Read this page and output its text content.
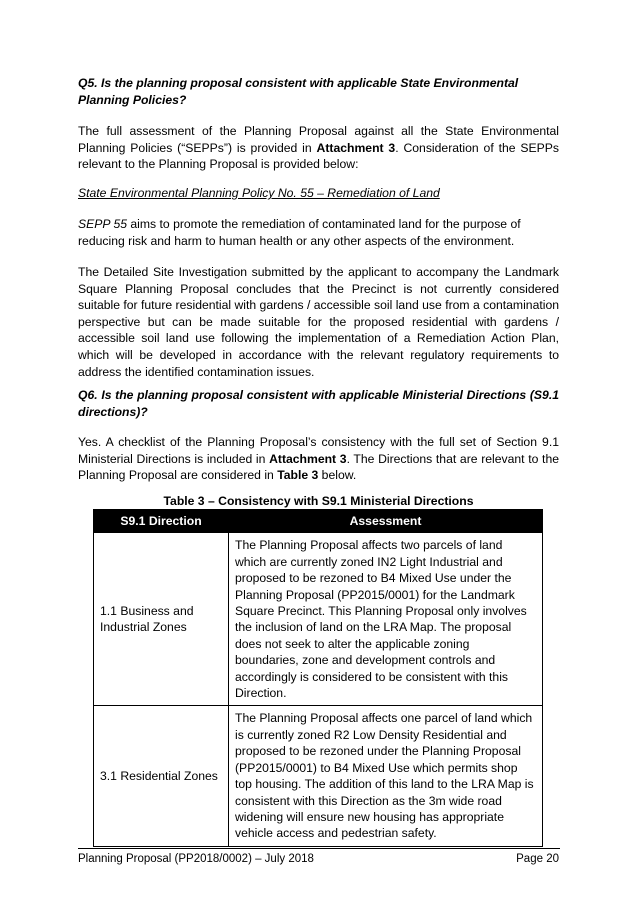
Q5. Is the planning proposal consistent with applicable State Environmental Planning Policies?

The full assessment of the Planning Proposal against all the State Environmental Planning Policies (“SEPPs”) is provided in Attachment 3. Consideration of the SEPPs relevant to the Planning Proposal is provided below:

State Environmental Planning Policy No. 55 – Remediation of Land

SEPP 55 aims to promote the remediation of contaminated land for the purpose of reducing risk and harm to human health or any other aspects of the environment.

The Detailed Site Investigation submitted by the applicant to accompany the Landmark Square Planning Proposal concludes that the Precinct is not currently considered suitable for future residential with gardens / accessible soil land use from a contamination perspective but can be made suitable for the proposed residential with gardens / accessible soil land use following the implementation of a Remediation Action Plan, which will be developed in accordance with the relevant regulatory requirements to address the identified contamination issues.

Q6. Is the planning proposal consistent with applicable Ministerial Directions (S9.1 directions)?

Yes. A checklist of the Planning Proposal’s consistency with the full set of Section 9.1 Ministerial Directions is included in Attachment 3. The Directions that are relevant to the Planning Proposal are considered in Table 3 below.

Table 3 – Consistency with S9.1 Ministerial Directions
S9.1 Direction	Assessment
1.1 Business and Industrial Zones	The Planning Proposal affects two parcels of land which are currently zoned IN2 Light Industrial and proposed to be rezoned to B4 Mixed Use under the Planning Proposal (PP2015/0001) for the Landmark Square Precinct. This Planning Proposal only involves the inclusion of land on the LRA Map. The proposal does not seek to alter the applicable zoning boundaries, zone and development controls and accordingly is considered to be consistent with this Direction.
3.1 Residential Zones	The Planning Proposal affects one parcel of land which is currently zoned R2 Low Density Residential and proposed to be rezoned under the Planning Proposal (PP2015/0001) to B4 Mixed Use which permits shop top housing. The addition of this land to the LRA Map is consistent with this Direction as the 3m wide road widening will ensure new housing has appropriate vehicle access and pedestrian safety.
Planning Proposal (PP2018/0002) – July 2018	Page 20
